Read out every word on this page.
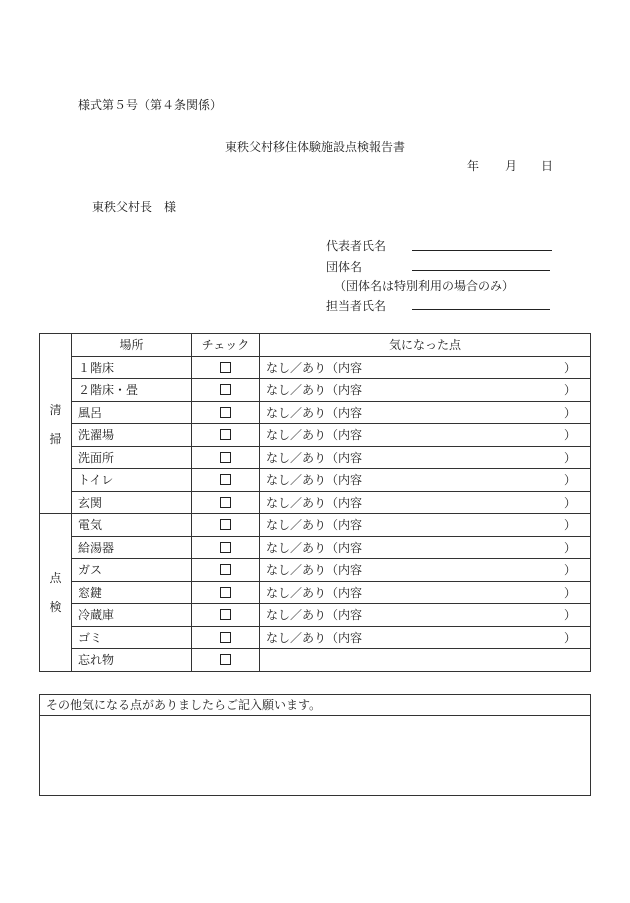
様式第５号（第４条関係）
東秩父村移住体験施設点検報告書
年 月 日
東秩父村長　様
代表者氏名
団体名
（団体名は特別利用の場合のみ）
担当者氏名
清
掃	場所	チェック	気になった点
	１階床		なし／あり（内容 ）

	２階床・畳		なし／あり（内容 ）

	風呂		なし／あり（内容 ）

	洗濯場		なし／あり（内容 ）

	洗面所		なし／あり（内容 ）

	トイレ		なし／あり（内容 ）

	玄関		なし／あり（内容 ）

点
検	電気		なし／あり（内容 ）

	給湯器		なし／あり（内容 ）

	ガス		なし／あり（内容 ）

	窓鍵		なし／あり（内容 ）

	冷蔵庫		なし／あり（内容 ）

	ゴミ		なし／あり（内容 ）

	忘れ物	

その他気になる点がありましたらご記入願います。
